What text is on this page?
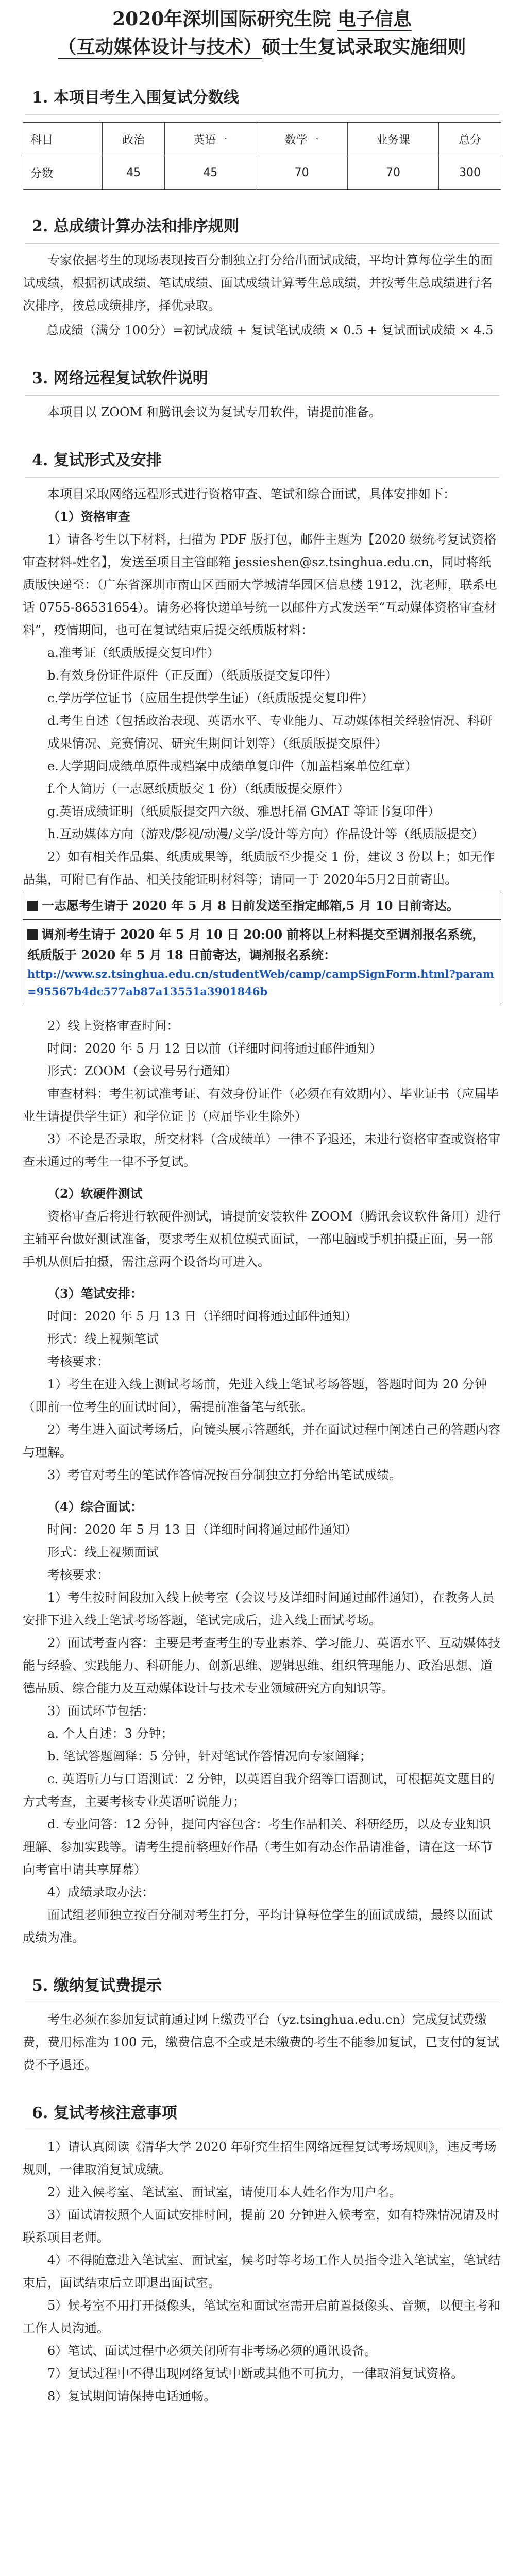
2020年深圳国际研究生院 电子信息
（互动媒体设计与技术）硕士生复试录取实施细则
1. 本项目考生入围复试分数线
科目	政治	英语一	数学一	业务课	总分
分数	45	45	70	70	300
2. 总成绩计算办法和排序规则

专家依据考生的现场表现按百分制独立打分给出面试成绩，平均计算每位学生的面试成绩，根据初试成绩、笔试成绩、面试成绩计算考生总成绩，并按考生总成绩进行名次排序，按总成绩排序，择优录取。

总成绩（满分 100分）=初试成绩 + 复试笔试成绩 × 0.5 + 复试面试成绩 × 4.5

3. 网络远程复试软件说明

本项目以 ZOOM 和腾讯会议为复试专用软件，请提前准备。

4. 复试形式及安排

本项目采取网络远程形式进行资格审查、笔试和综合面试，具体安排如下：

（1）资格审查

1）请各考生以下材料，扫描为 PDF 版打包，邮件主题为【2020 级统考复试资格审查材料-姓名】，发送至项目主管邮箱 jessieshen@sz.tsinghua.edu.cn，同时将纸质版快递至：（广东省深圳市南山区西丽大学城清华园区信息楼 1912，沈老师，联系电话 0755-86531654）。请务必将快递单号统一以邮件方式发送至“互动媒体资格审查材料”，疫情期间，也可在复试结束后提交纸质版材料：

a.准考证（纸质版提交复印件）

b.有效身份证件原件（正反面）（纸质版提交复印件）

c.学历学位证书（应届生提供学生证）（纸质版提交复印件）

d.考生自述（包括政治表现、英语水平、专业能力、互动媒体相关经验情况、科研成果情况、竞赛情况、研究生期间计划等）（纸质版提交原件）

e.大学期间成绩单原件或档案中成绩单复印件（加盖档案单位红章）

f.个人简历（一志愿纸质版交 1 份）（纸质版提交原件）

g.英语成绩证明（纸质版提交四六级、雅思托福 GMAT 等证书复印件）

h.互动媒体方向（游戏/影视/动漫/文学/设计等方向）作品设计等（纸质版提交）

2）如有相关作品集、纸质成果等，纸质版至少提交 1 份，建议 3 份以上；如无作品集，可附已有作品、相关技能证明材料等；请同一于 2020年5月2日前寄出。

一志愿考生请于 2020 年 5 月 8 日前发送至指定邮箱,5 月 10 日前寄达。
调剂考生请于 2020 年 5 月 10 日 20:00 前将以上材料提交至调剂报名系统，纸质版于 2020 年 5 月 18 日前寄达，调剂报名系统：
http://www.sz.tsinghua.edu.cn/studentWeb/camp/campSignForm.html?param=95567b4dc577ab87a13551a3901846b

2）线上资格审查时间：

时间：2020 年 5 月 12 日以前（详细时间将通过邮件通知）

形式：ZOOM（会议号另行通知）

审查材料：考生初试准考证、有效身份证件（必须在有效期内）、毕业证书（应届毕业生请提供学生证）和学位证书（应届毕业生除外）

3）不论是否录取，所交材料（含成绩单）一律不予退还，未进行资格审查或资格审查未通过的考生一律不予复试。

（2）软硬件测试

资格审查后将进行软硬件测试，请提前安装软件 ZOOM（腾讯会议软件备用）进行主辅平台做好测试准备，要求考生双机位模式面试，一部电脑或手机拍摄正面，另一部手机从侧后拍摄，需注意两个设备均可进入。

（3）笔试安排：

时间：2020 年 5 月 13 日（详细时间将通过邮件通知）

形式：线上视频笔试

考核要求：

1）考生在进入线上测试考场前，先进入线上笔试考场答题，答题时间为 20 分钟（即前一位考生的面试时间），需提前准备笔与纸张。

2）考生进入面试考场后，向镜头展示答题纸，并在面试过程中阐述自己的答题内容与理解。

3）考官对考生的笔试作答情况按百分制独立打分给出笔试成绩。

（4）综合面试：

时间：2020 年 5 月 13 日（详细时间将通过邮件通知）

形式：线上视频面试

考核要求：

1）考生按时间段加入线上候考室（会议号及详细时间通过邮件通知），在教务人员安排下进入线上笔试考场答题，笔试完成后，进入线上面试考场。

2）面试考查内容：主要是考查考生的专业素养、学习能力、英语水平、互动媒体技能与经验、实践能力、科研能力、创新思维、逻辑思维、组织管理能力、政治思想、道德品质、综合能力及互动媒体设计与技术专业领域研究方向知识等。

3）面试环节包括：

a. 个人自述：3 分钟；

b. 笔试答题阐释：5 分钟，针对笔试作答情况向专家阐释；

c. 英语听力与口语测试：2 分钟，以英语自我介绍等口语测试，可根据英文题目的方式考查，主要考核专业英语听说能力；

d. 专业问答：12 分钟，提问内容包含：考生作品相关、科研经历，以及专业知识理解、参加实践等。请考生提前整理好作品（考生如有动态作品请准备，请在这一环节向考官申请共享屏幕）

4）成绩录取办法：

面试组老师独立按百分制对考生打分，平均计算每位学生的面试成绩，最终以面试成绩为准。

5. 缴纳复试费提示

考生必须在参加复试前通过网上缴费平台（yz.tsinghua.edu.cn）完成复试费缴费，费用标准为 100 元，缴费信息不全或是未缴费的考生不能参加复试，已支付的复试费不予退还。

6. 复试考核注意事项

1）请认真阅读《清华大学 2020 年研究生招生网络远程复试考场规则》，违反考场规则，一律取消复试成绩。

2）进入候考室、笔试室、面试室，请使用本人姓名作为用户名。

3）面试请按照个人面试安排时间，提前 20 分钟进入候考室，如有特殊情况请及时联系项目老师。

4）不得随意进入笔试室、面试室，候考时等考场工作人员指令进入笔试室，笔试结束后，面试结束后立即退出面试室。

5）候考室不用打开摄像头，笔试室和面试室需开启前置摄像头、音频，以便主考和工作人员沟通。

6）笔试、面试过程中必须关闭所有非考场必须的通讯设备。

7）复试过程中不得出现网络复试中断或其他不可抗力，一律取消复试资格。

8）复试期间请保持电话通畅。
